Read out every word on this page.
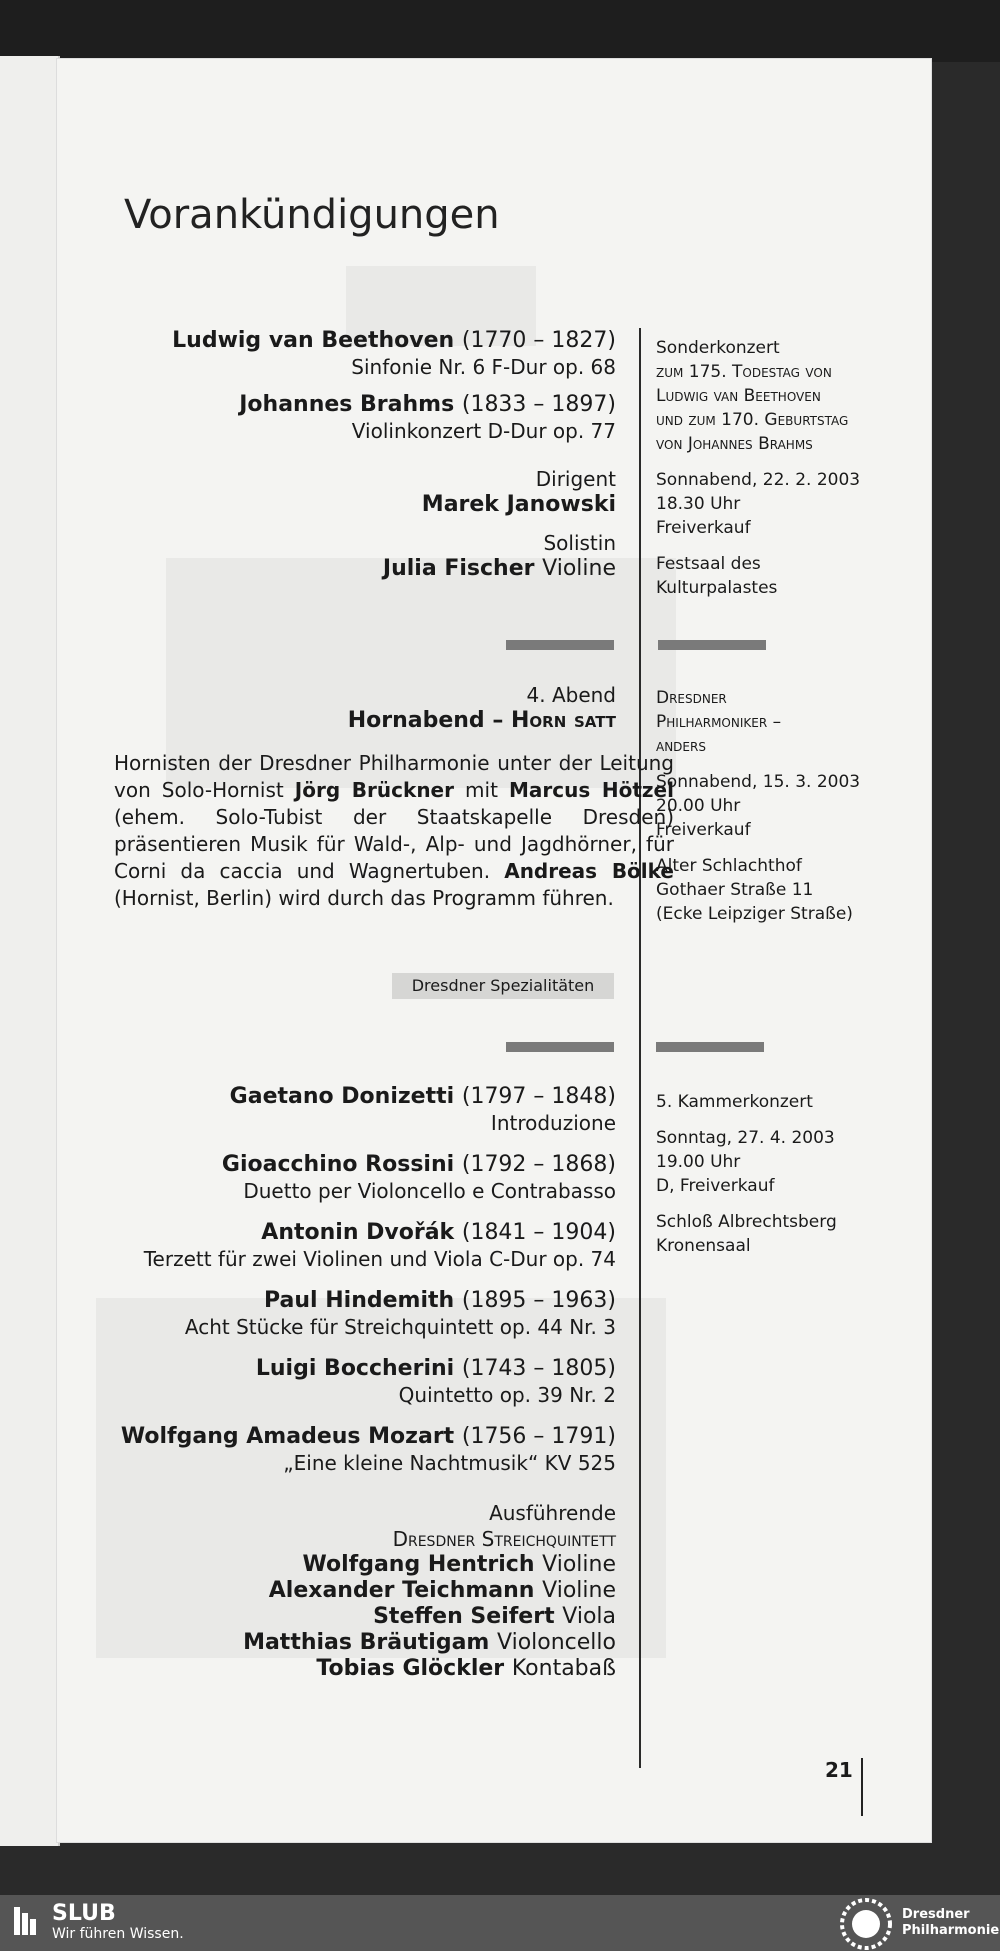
Vorankündigungen
Ludwig van Beethoven (1770 – 1827)
Sinfonie Nr. 6 F-Dur op. 68
Johannes Brahms (1833 – 1897)
Violinkonzert D-Dur op. 77
Dirigent
Marek Janowski
Solistin
Julia Fischer Violine
Sonderkonzert
zum 175. Todestag von
Ludwig van Beethoven
und zum 170. Geburtstag
von Johannes Brahms
Sonnabend, 22. 2. 2003
18.30 Uhr
Freiverkauf
Festsaal des
Kulturpalastes
4. Abend
Hornabend – Horn satt
Hornisten der Dresdner Philharmonie unter der Leitung von Solo-Hornist Jörg Brückner mit Marcus Hötzel (ehem. Solo-Tubist der Staatskapelle Dresden) präsentieren Musik für Wald-, Alp- und Jagdhörner, für Corni da caccia und Wagnertuben. Andreas Bölke (Hornist, Berlin) wird durch das Programm führen.
Dresdner Spezialitäten
Dresdner
Philharmoniker –
anders
Sonnabend, 15. 3. 2003
20.00 Uhr
Freiverkauf
Alter Schlachthof
Gothaer Straße 11
(Ecke Leipziger Straße)
Gaetano Donizetti (1797 – 1848)
Introduzione
Gioacchino Rossini (1792 – 1868)
Duetto per Violoncello e Contrabasso
Antonin Dvořák (1841 – 1904)
Terzett für zwei Violinen und Viola C-Dur op. 74
Paul Hindemith (1895 – 1963)
Acht Stücke für Streichquintett op. 44 Nr. 3
Luigi Boccherini (1743 – 1805)
Quintetto op. 39 Nr. 2
Wolfgang Amadeus Mozart (1756 – 1791)
„Eine kleine Nachtmusik“ KV 525
Ausführende
Dresdner Streichquintett
Wolfgang Hentrich Violine
Alexander Teichmann Violine
Steffen Seifert Viola
Matthias Bräutigam Violoncello
Tobias Glöckler Kontabaß
5. Kammerkonzert
Sonntag, 27. 4. 2003
19.00 Uhr
D, Freiverkauf
Schloß Albrechtsberg
Kronensaal
21
SLUB
Wir führen Wissen.
Dresdner
Philharmonie
